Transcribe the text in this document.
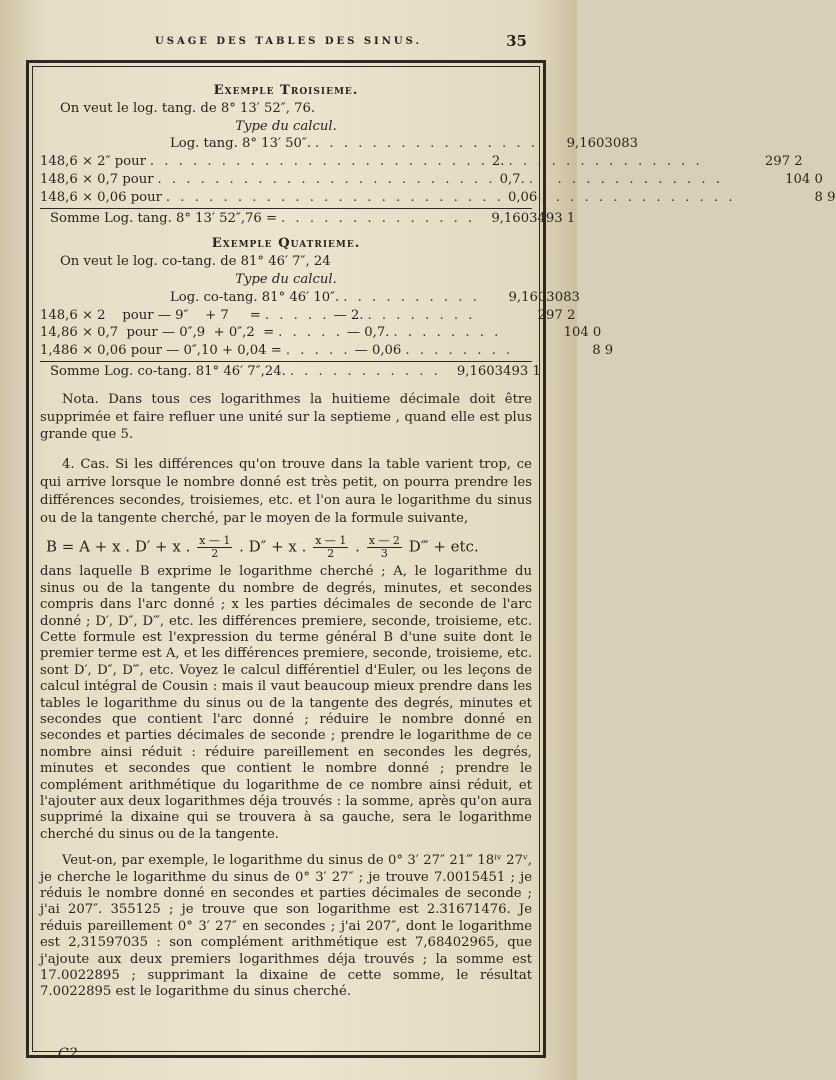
USAGE DES TABLES DES SINUS.	35
Exemple Troisieme.
On veut le log. tang. de 8° 13′ 52″, 76.
Type du calcul.
Log. tang. 8° 13′ 50″. . . . . . . . . . . . . . . . .	9,1603083
148,6 × 2″ pour . . . . . . . . . . . . . . . . . . . . . . . . 2. . . . . . . . . . . . . . .	297 2
148,6 × 0,7 pour . . . . . . . . . . . . . . . . . . . . . . . . 0,7. . . . . . . . . . . . . . .	104 0
148,6 × 0,06 pour . . . . . . . . . . . . . . . . . . . . . . . . 0,06 . . . . . . . . . . . . . .	8 9
Somme Log. tang. 8° 13′ 52″,76 = . . . . . . . . . . . . . .	9,1603493 1
Exemple Quatrieme.
On veut le log. co-tang. de 81° 46′ 7″, 24
Type du calcul.
Log. co-tang. 81° 46′ 10″. . . . . . . . . . .	9,1603083
148,6 × 2    pour — 9″    + 7     = . . . . . — 2. . . . . . . . .	297 2
14,86 × 0,7  pour — 0″,9  + 0″,2  = . . . . . — 0,7. . . . . . . . .	104 0
1,486 × 0,06 pour — 0″,10 + 0,04 = . . . . . — 0,06 . . . . . . . .	8 9
Somme Log. co-tang. 81° 46′ 7″,24. . . . . . . . . . . .	9,1603493 1
Nota. Dans tous ces logarithmes la huitieme décimale doit être supprimée et faire refluer une unité sur la septieme , quand elle est plus grande que 5.
4. Cas. Si les différences qu'on trouve dans la table varient trop, ce qui arrive lorsque le nombre donné est très petit, on pourra prendre les différences secondes, troisiemes, etc. et l'on aura le logarithme du sinus ou de la tangente cherché, par le moyen de la formule suivante,
B = A + x . D′ + x . $\frac{x — 1}{2}$ . D″ + x . $\frac{x — 1}{2}$ . $\frac{x — 2}{3}$ D‴ + etc.
dans laquelle B exprime le logarithme cherché ; A, le logarithme du sinus ou de la tangente du nombre de degrés, minutes, et secondes compris dans l'arc donné ; x les parties décimales de seconde de l'arc donné ; D′, D″, D‴, etc. les différences premiere, seconde, troisieme, etc. Cette formule est l'expression du terme général B d'une suite dont le premier terme est A, et les différences premiere, seconde, troisieme, etc. sont D′, D″, D‴, etc. Voyez le calcul différentiel d'Euler, ou les leçons de calcul intégral de Cousin : mais il vaut beaucoup mieux prendre dans les tables le logarithme du sinus ou de la tangente des degrés, minutes et secondes que contient l'arc donné ; réduire le nombre donné en secondes et parties décimales de seconde ; prendre le logarithme de ce nombre ainsi réduit : réduire pareillement en secondes les degrés, minutes et secondes que contient le nombre donné ; prendre le complément arithmétique du logarithme de ce nombre ainsi réduit, et l'ajouter aux deux logarithmes déja trouvés : la somme, après qu'on aura supprimé la dixaine qui se trouvera à sa gauche, sera le logarithme cherché du sinus ou de la tangente.
Veut-on, par exemple, le logarithme du sinus de 0° 3′ 27″ 21‴ 18ⁱᵛ 27ᵛ, je cherche le logarithme du sinus de 0° 3′ 27″ ; je trouve 7.0015451 ; je réduis le nombre donné en secondes et parties décimales de seconde ; j'ai 207″. 355125 ; je trouve que son logarithme est 2.31671476. Je réduis pareillement 0° 3′ 27″ en secondes ; j'ai 207″, dont le logarithme est 2,31597035 : son complément arithmétique est 7,68402965, que j'ajoute aux deux premiers logarithmes déja trouvés ; la somme est 17.0022895 ; supprimant la dixaine de cette somme, le résultat 7.0022895 est le logarithme du sinus cherché.
C2
